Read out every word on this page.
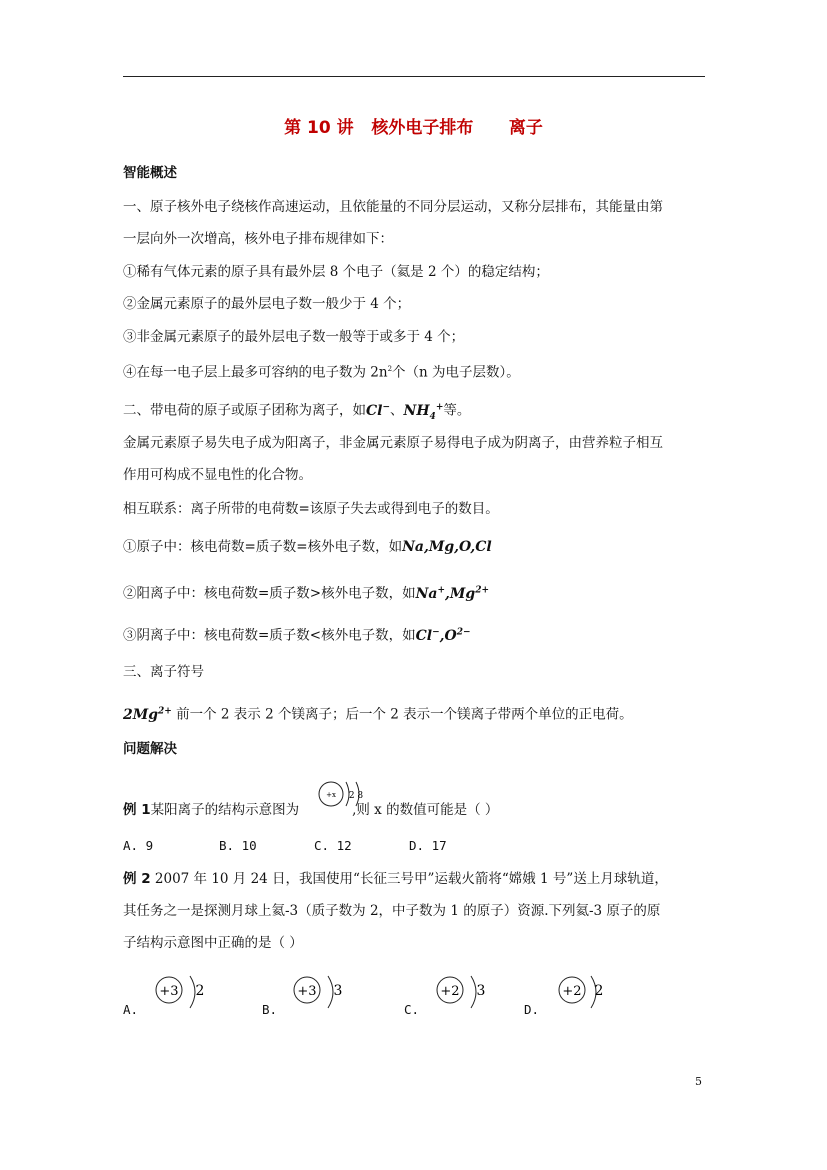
第 10 讲   核外电子排布      离子
智能概述
一、原子核外电子绕核作高速运动，且依能量的不同分层运动，又称分层排布，其能量由第
一层向外一次增高，核外电子排布规律如下：
①稀有气体元素的原子具有最外层 8 个电子（氦是 2 个）的稳定结构；
②金属元素原子的最外层电子数一般少于 4 个；
③非金属元素原子的最外层电子数一般等于或多于 4 个；
④在每一电子层上最多可容纳的电子数为 $2n^2$个（n 为电子层数）。
二、带电荷的原子或原子团称为离子，如Cl−、$NH_4^+$等。
金属元素原子易失电子成为阳离子，非金属元素原子易得电子成为阴离子，由营养粒子相互
作用可构成不显电性的化合物。
相互联系：离子所带的电荷数=该原子失去或得到电子的数目。
①原子中：核电荷数=质子数=核外电子数，如Na,Mg,O,Cl
②阳离子中：核电荷数=质子数>核外电子数，如$Na^+,Mg^{2+}$
③阴离子中：核电荷数=质子数<核外电子数，如$Cl^-,O^{2-}$
三、离子符号
$2Mg^{2+}$ 前一个 2 表示 2 个镁离子；后一个 2 表示一个镁离子带两个单位的正电荷。
问题解决
例 1某阳离子的结构示意图为	,则 x 的数值可能是（ ）
+x 2 8
A. 9	B. 10	C. 12	D. 17
例 2 2007 年 10 月 24 日，我国使用“长征三号甲”运载火箭将“嫦娥 1 号”送上月球轨道，
其任务之一是探测月球上氦-3（质子数为 2，中子数为 1 的原子）资源.下列氦-3 原子的原
子结构示意图中正确的是（ ）
A.
+3 2
B.
+3 3
C.
+2 3
D.
+2 2
5
